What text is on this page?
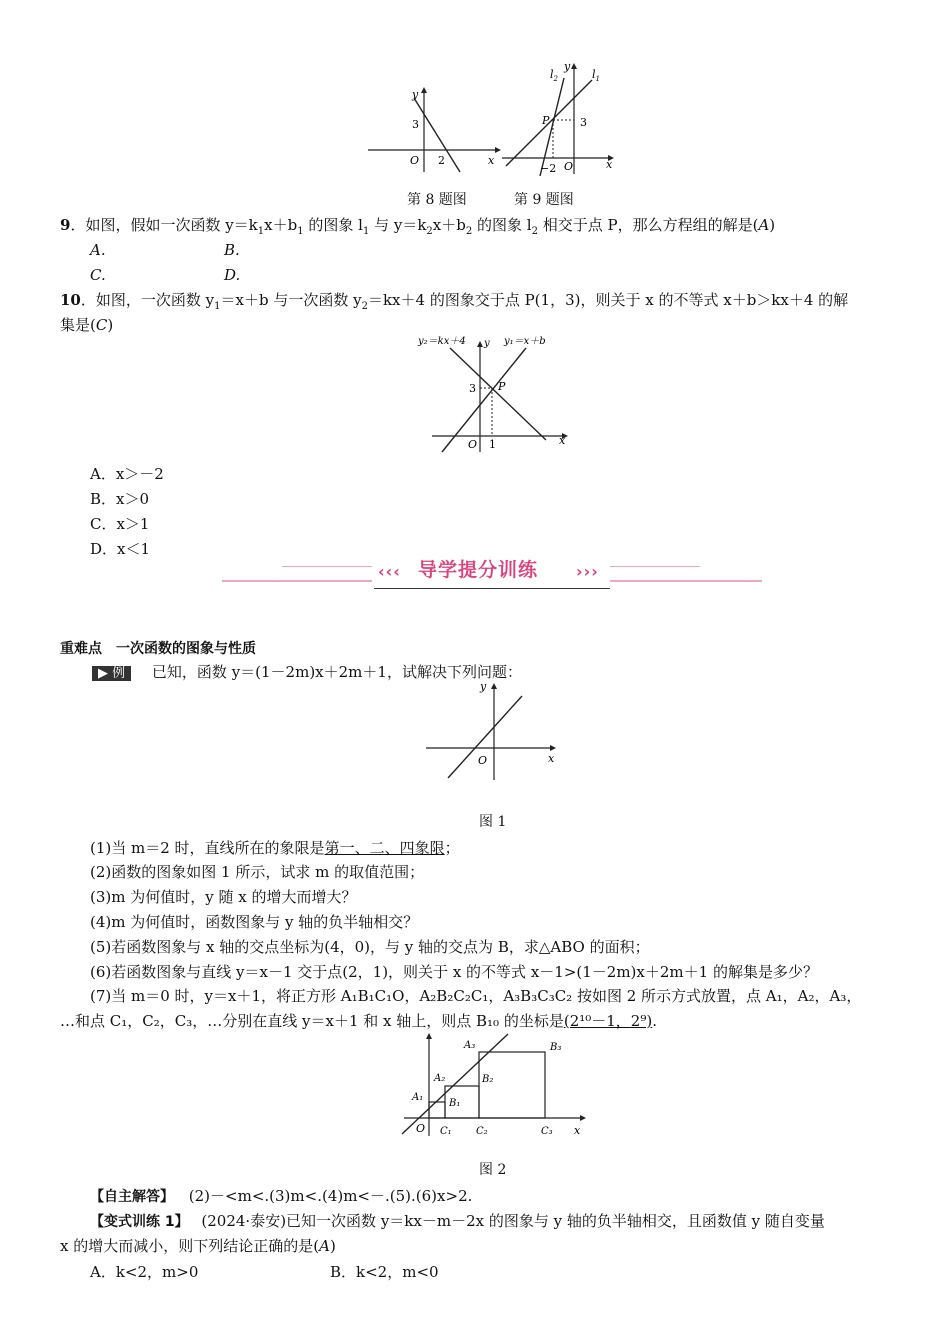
y
x
O
3
2
$l_2$
y
$l_1$
P	3
−2 O	x
第 8 题图	第 9 题图
9．如图，假如一次函数 $y=k_1x+b_1$ 的图象 $l_1$ 与 $y=k_2x+b_2$ 的图象 $l_2$ 相交于点 P，那么方程组的解是(A)
A.	B.
C.	D.
10．如图，一次函数 $y_1=x+b$ 与一次函数 $y_2=kx+4$ 的图象交于点 P(1，3)，则关于 x 的不等式 x＋b＞kx＋4 的解
集是(C)
y₂＝kx＋4 y y₁＝x＋b
P
3
O 1	x
A．x＞－2
B．x＞0
C．x＞1
D．x＜1
‹‹‹ 导学提分训练 ›››
重难点　一次函数的图象与性质
▶ 例 已知，函数 y＝(1－2m)x＋2m＋1，试解决下列问题：
y
O	x
图 1
(1)当 m＝2 时，直线所在的象限是第一、二、四象限；
(2)函数的图象如图 1 所示，试求 m 的取值范围；
(3)m 为何值时，y 随 x 的增大而增大？
(4)m 为何值时，函数图象与 y 轴的负半轴相交？
(5)若函数图象与 x 轴的交点坐标为(4，0)，与 y 轴的交点为 B，求△ABO 的面积；
(6)若函数图象与直线 y＝x－1 交于点(2，1)，则关于 x 的不等式 x－1>(1－2m)x＋2m＋1 的解集是多少？
(7)当 m＝0 时，y＝x＋1，将正方形 A₁B₁C₁O，A₂B₂C₂C₁，A₃B₃C₃C₂ 按如图 2 所示方式放置，点 A₁，A₂，A₃，
…和点 C₁，C₂，C₃，…分别在直线 y＝x＋1 和 x 轴上，则点 B₁₀ 的坐标是(2¹⁰－1，2⁹).
A₁
A₂
A₃
B₁
B₂
B₃
O C₁ C₂	C₃ x
图 2
【自主解答】 (2)－<m<.(3)m<.(4)m<－.(5).(6)x>2.
【变式训练 1】 (2024·泰安)已知一次函数 y＝kx－m－2x 的图象与 y 轴的负半轴相交，且函数值 y 随自变量
x 的增大而减小，则下列结论正确的是(A)
A．k<2，m>0	B．k<2，m<0
